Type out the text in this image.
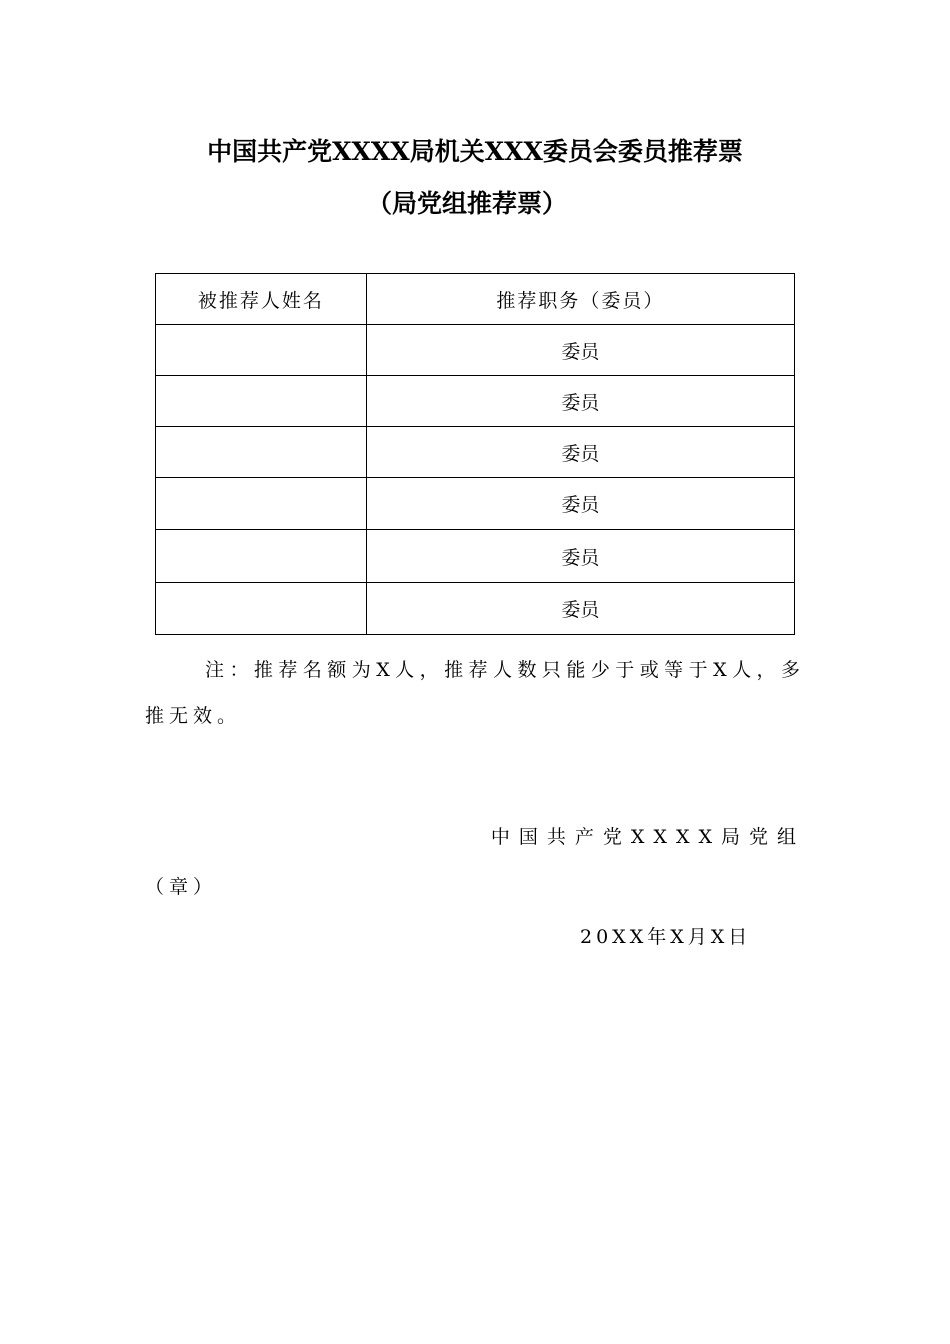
中国共产党XXXX局机关XXX委员会委员推荐票
（局党组推荐票）
被推荐人姓名	推荐职务（委员）
	委员
	委员
	委员
	委员
	委员
	委员
注：推荐名额为X人，推荐人数只能少于或等于X人，多推无效。
中国共产党XXXX局党组
（章）
20XX年X月X日
